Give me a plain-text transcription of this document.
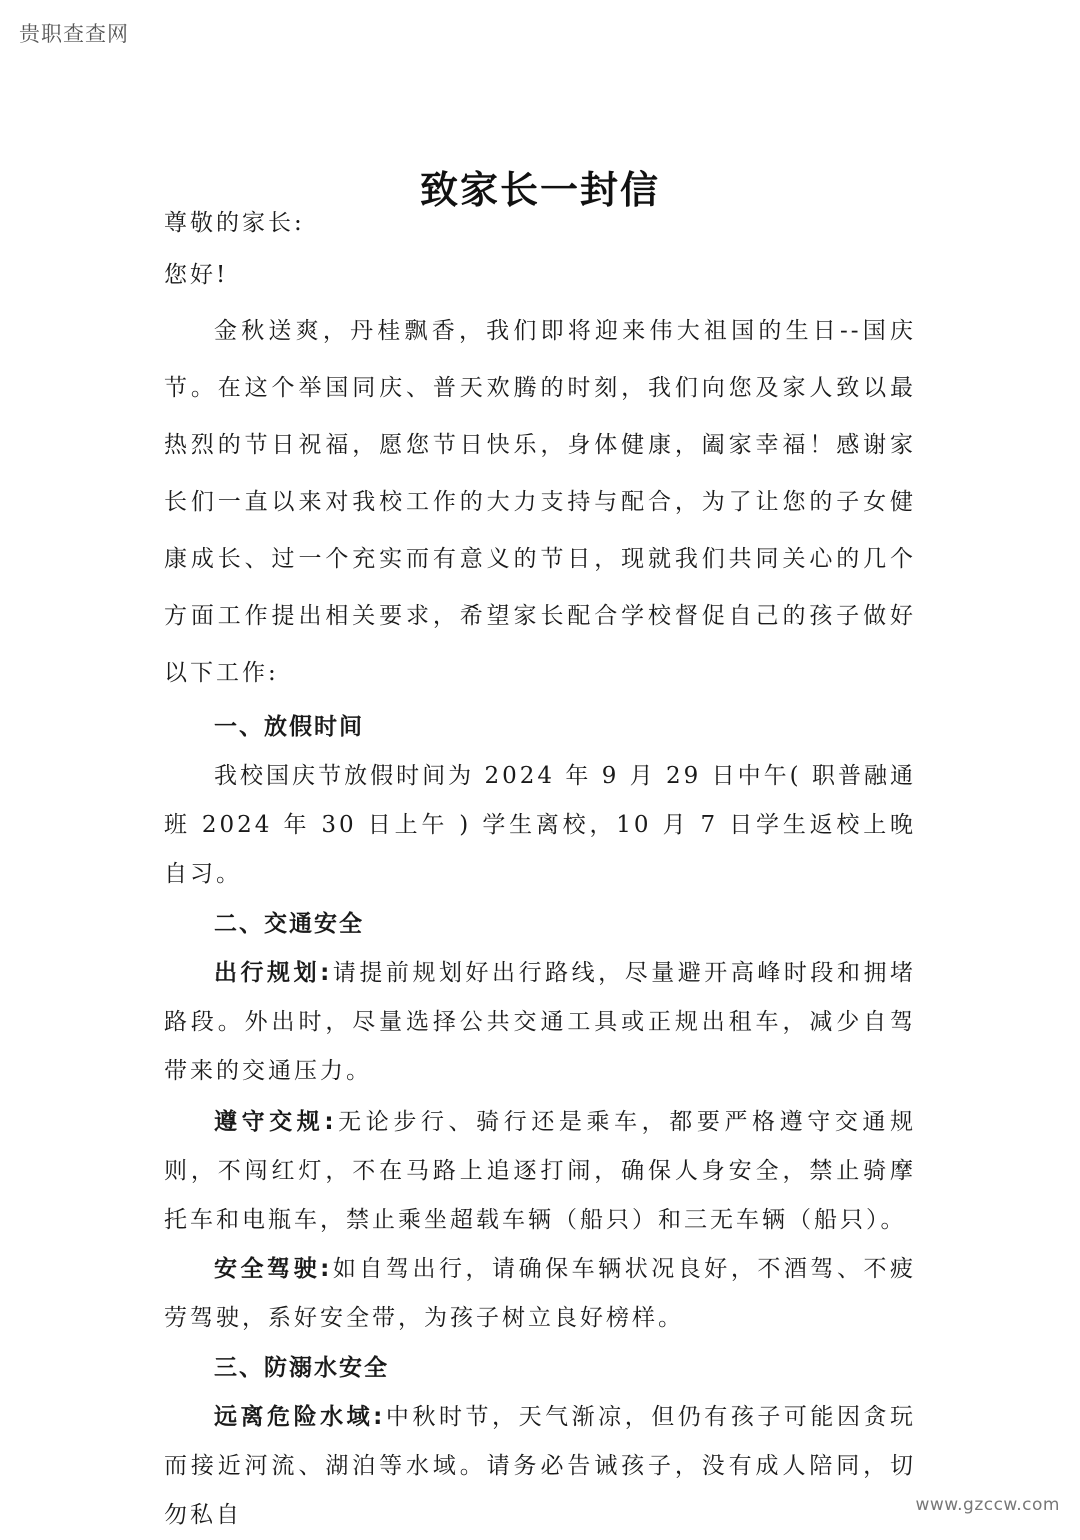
贵职查查网
致家长一封信

尊敬的家长:

您好!

金秋送爽，丹桂飘香，我们即将迎来伟大祖国的生日--国庆节。在这个举国同庆、普天欢腾的时刻，我们向您及家人致以最热烈的节日祝福，愿您节日快乐，身体健康，阖家幸福！感谢家长们一直以来对我校工作的大力支持与配合，为了让您的子女健康成长、过一个充实而有意义的节日，现就我们共同关心的几个方面工作提出相关要求，希望家长配合学校督促自己的孩子做好以下工作:

一、放假时间

我校国庆节放假时间为 2024 年 9 月 29 日中午( 职普融通班 2024 年 30 日上午 ) 学生离校，10 月 7 日学生返校上晚自习。

二、交通安全

出行规划:请提前规划好出行路线，尽量避开高峰时段和拥堵路段。外出时，尽量选择公共交通工具或正规出租车，减少自驾带来的交通压力。

遵守交规:无论步行、骑行还是乘车，都要严格遵守交通规则，不闯红灯，不在马路上追逐打闹，确保人身安全，禁止骑摩托车和电瓶车，禁止乘坐超载车辆（船只）和三无车辆（船只）。

安全驾驶:如自驾出行，请确保车辆状况良好，不酒驾、不疲劳驾驶，系好安全带，为孩子树立良好榜样。

三、防溺水安全

远离危险水域:中秋时节，天气渐凉，但仍有孩子可能因贪玩而接近河流、湖泊等水域。请务必告诫孩子，没有成人陪同，切勿私自	www.gzccw.com
